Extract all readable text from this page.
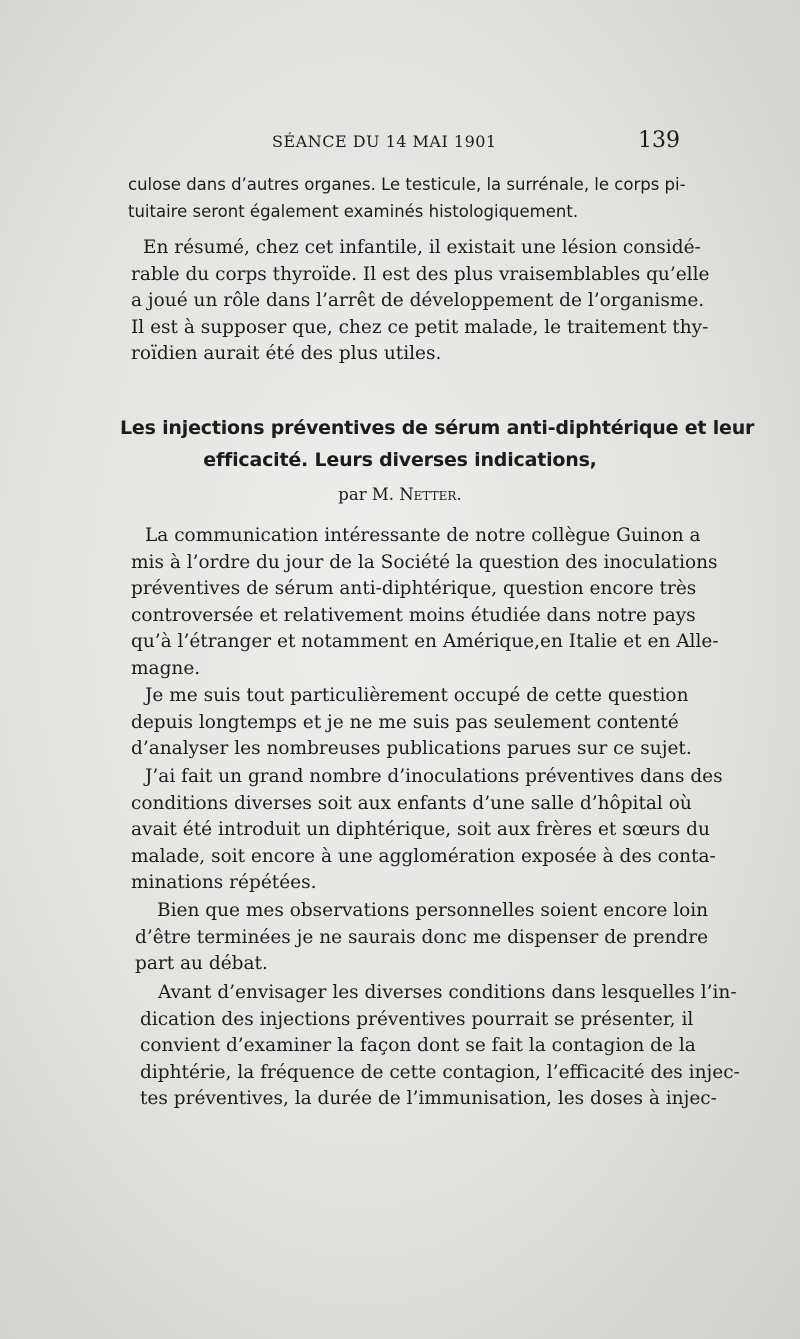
SÉANCE DU 14 MAI 1901	139

culose dans d’autres organes. Le testicule, la surrénale, le corps pi-
tuitaire seront également examinés histologiquement.

En résumé, chez cet infantile, il existait une lésion considé-
rable du corps thyroïde. Il est des plus vraisemblables qu’elle
a joué un rôle dans l’arrêt de développement de l’organisme.
Il est à supposer que, chez ce petit malade, le traitement thy-
roïdien aurait été des plus utiles.

Les injections préventives de sérum anti-diphtérique et leur
efficacité. Leurs diverses indications,
par M. Netter.

La communication intéressante de notre collègue Guinon a
mis à l’ordre du jour de la Société la question des inoculations
préventives de sérum anti-diphtérique, question encore très
controversée et relativement moins étudiée dans notre pays
qu’à l’étranger et notamment en Amérique,en Italie et en Alle-
magne.

Je me suis tout particulièrement occupé de cette question
depuis longtemps et je ne me suis pas seulement contenté
d’analyser les nombreuses publications parues sur ce sujet.

J’ai fait un grand nombre d’inoculations préventives dans des
conditions diverses soit aux enfants d’une salle d’hôpital où
avait été introduit un diphtérique, soit aux frères et sœurs du
malade, soit encore à une agglomération exposée à des conta-
minations répétées.

Bien que mes observations personnelles soient encore loin
d’être terminées je ne saurais donc me dispenser de prendre
part au débat.

Avant d’envisager les diverses conditions dans lesquelles l’in-
dication des injections préventives pourrait se présenter, il
convient d’examiner la façon dont se fait la contagion de la
diphtérie, la fréquence de cette contagion, l’efficacité des injec-
tes préventives, la durée de l’immunisation, les doses à injec-
